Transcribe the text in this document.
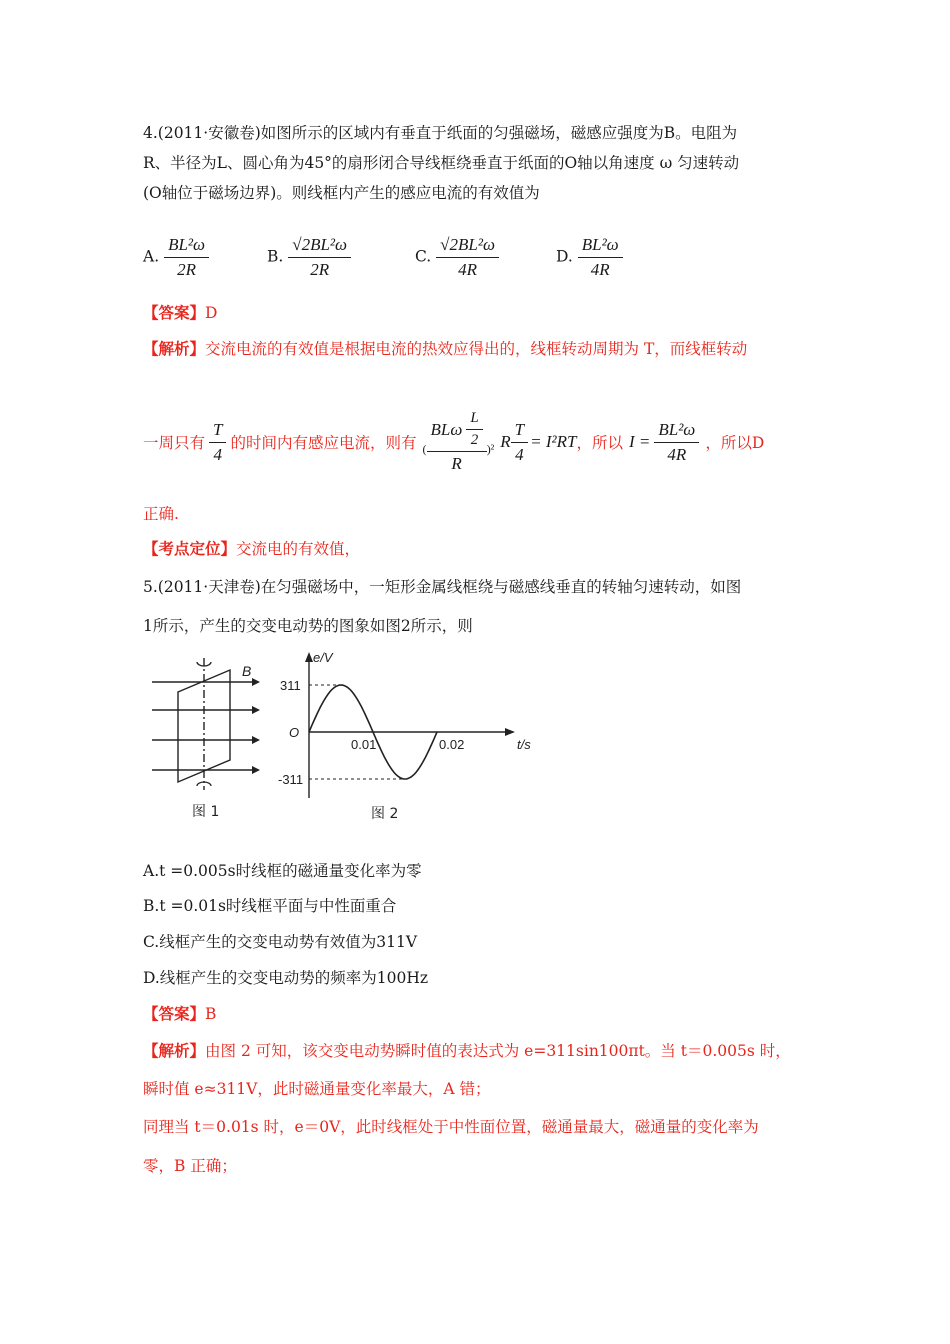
4.(2011·安徽卷)如图所示的区域内有垂直于纸面的匀强磁场，磁感应强度为B。电阻为
R、半径为L、圆心角为45°的扇形闭合导线框绕垂直于纸面的O轴以角速度 ω 匀速转动
(O轴位于磁场边界)。则线框内产生的感应电流的有效值为
A. $\frac{\text{BL²ω}}{2R}$	B. $\frac{\text{√2BL²ω}}{2R}$	C. $\frac{\text{√2BL²ω}}{4R}$	D. $\frac{\text{BL²ω}}{4R}$
【答案】D
【解析】交流电流的有效值是根据电流的热效应得出的，线框转动周期为 T，而线框转动
一周只有 $\frac{T}{4}$ 的时间内有感应电流，则有 ( $\frac{BL\omega \frac{L}{2}}{R} )^2$ R $\frac{T}{4} = I^2RT$ ，所以 $I = \frac{\text{BL²ω}}{4R}$ ，所以D
正确.
【考点定位】交流电的有效值，
5.(2011·天津卷)在匀强磁场中，一矩形金属线框绕与磁感线垂直的转轴匀速转动，如图
1所示，产生的交变电动势的图象如图2所示，则
B
图 1
e/V
311
-311
O
0.01	0.02	t/s
图 2
A.t =0.005s时线框的磁通量变化率为零
B.t =0.01s时线框平面与中性面重合
C.线框产生的交变电动势有效值为311V
D.线框产生的交变电动势的频率为100Hz
【答案】B
【解析】由图 2 可知，该交变电动势瞬时值的表达式为 e=311sin100πt。当 t＝0.005s 时，
瞬时值 e≈311V，此时磁通量变化率最大，A 错；
同理当 t＝0.01s 时，e＝0V，此时线框处于中性面位置，磁通量最大，磁通量的变化率为
零，B 正确；
